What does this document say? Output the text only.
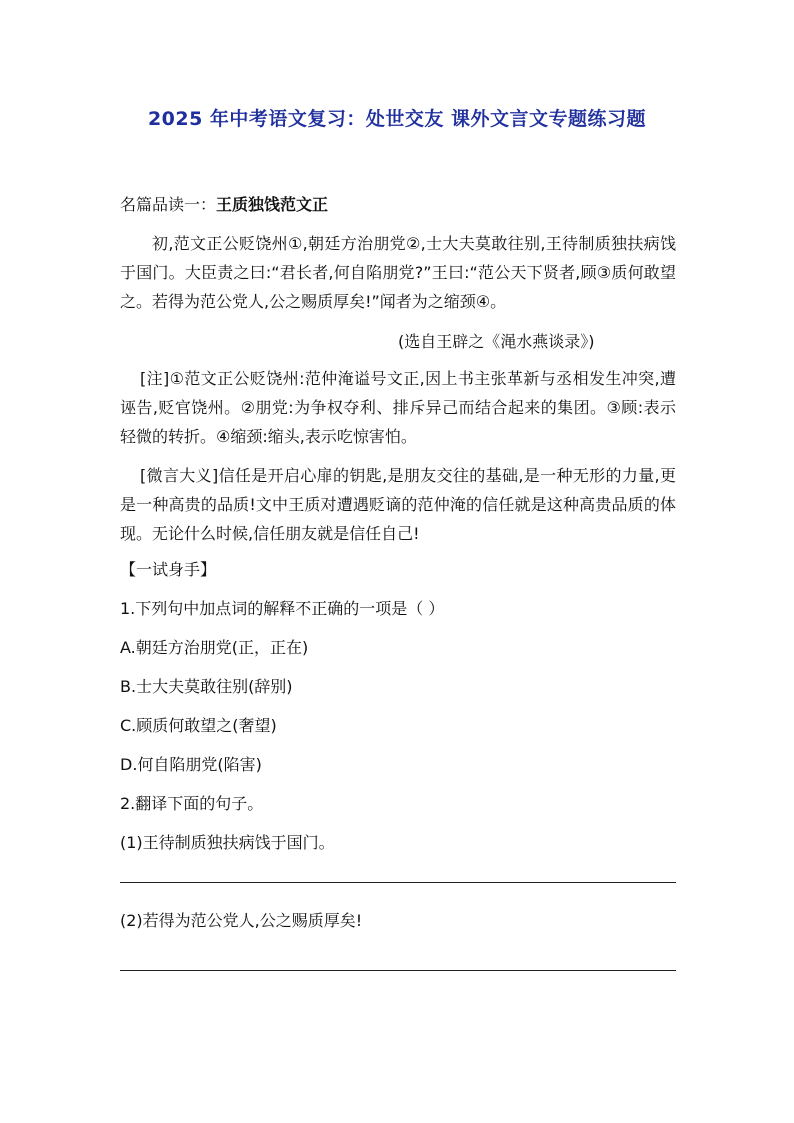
2025 年中考语文复习：处世交友 课外文言文专题练习题
名篇品读一：王质独饯范文正

初,范文正公贬饶州①,朝廷方治朋党②,士大夫莫敢往别,王待制质独扶病饯于国门。大臣责之曰:“君长者,何自陷朋党?”王曰:“范公天下贤者,顾③质何敢望之。若得为范公党人,公之赐质厚矣!”闻者为之缩颈④。

(选自王辟之《渑水燕谈录》)

[注]①范文正公贬饶州:范仲淹谥号文正,因上书主张革新与丞相发生冲突,遭诬告,贬官饶州。②朋党:为争权夺利、排斥异己而结合起来的集团。③顾:表示轻微的转折。④缩颈:缩头,表示吃惊害怕。

[微言大义]信任是开启心扉的钥匙,是朋友交往的基础,是一种无形的力量,更是一种高贵的品质!文中王质对遭遇贬谪的范仲淹的信任就是这种高贵品质的体现。无论什么时候,信任朋友就是信任自己!

【一试身手】

1.下列句中加点词的解释不正确的一项是（ ）

A.朝廷方治朋党(正，正在)

B.士大夫莫敢往别(辞别)

C.顾质何敢望之(奢望)

D.何自陷朋党(陷害)

2.翻译下面的句子。

(1)王待制质独扶病饯于国门。

(2)若得为范公党人,公之赐质厚矣!
